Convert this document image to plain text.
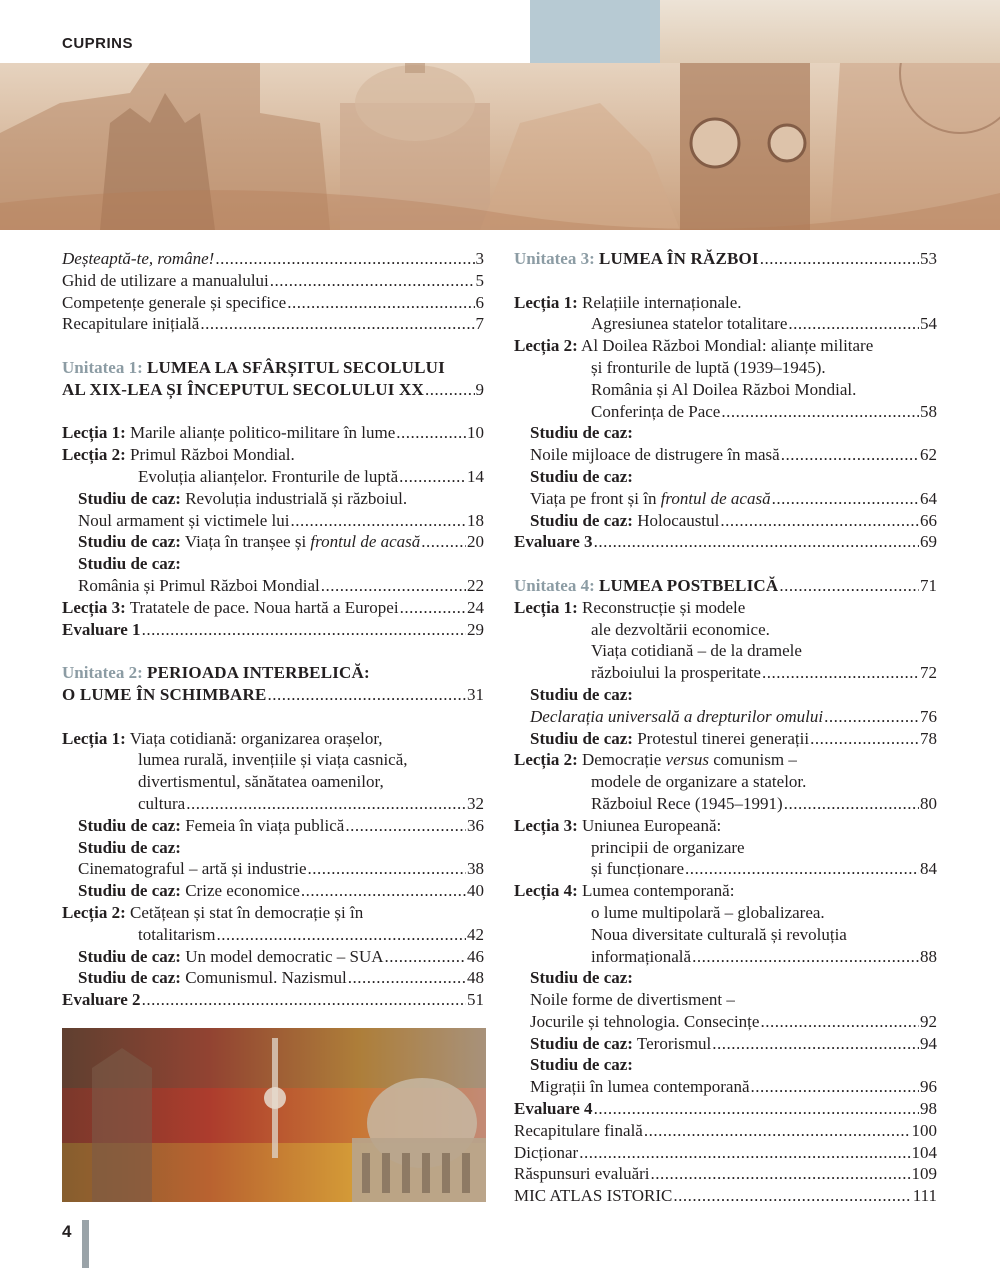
CUPRINS
Deșteaptă-te, române! .....	3
Ghid de utilizare a manualului .....	5
Competențe generale și specifice .....	6
Recapitulare inițială .....	7
Unitatea 1: LUMEA LA SFÂRȘITUL SECOLULUI
AL XIX-LEA ȘI ÎNCEPUTUL SECOLULUI XX .....	9
Lecția 1: Marile alianțe politico-militare în lume .....	10
Lecția 2: Primul Război Mondial.
Evoluția alianțelor. Fronturile de luptă .....	14
Studiu de caz: Revoluția industrială și războiul.
Noul armament și victimele lui .....	18
Studiu de caz: Viața în tranșee și frontul de acasă .....	20
Studiu de caz:
România și Primul Război Mondial .....	22
Lecția 3: Tratatele de pace. Noua hartă a Europei .....	24
Evaluare 1 .....	29
Unitatea 2: PERIOADA INTERBELICĂ:
O LUME ÎN SCHIMBARE .....	31
Lecția 1: Viața cotidiană: organizarea orașelor,
lumea rurală, invențiile și viața casnică,
divertismentul, sănătatea oamenilor,
cultura .....	32
Studiu de caz: Femeia în viața publică .....	36
Studiu de caz:
Cinematograful – artă și industrie .....	38
Studiu de caz: Crize economice .....	40
Lecția 2: Cetățean și stat în democrație și în
totalitarism .....	42
Studiu de caz: Un model democratic – SUA .....	46
Studiu de caz: Comunismul. Nazismul .....	48
Evaluare 2 .....	51
Unitatea 3: LUMEA ÎN RĂZBOI .....	53
Lecția 1: Relațiile internaționale.
Agresiunea statelor totalitare .....	54
Lecția 2: Al Doilea Război Mondial: alianțe militare
și fronturile de luptă (1939–1945).
România și Al Doilea Război Mondial.
Conferința de Pace .....	58
Studiu de caz:
Noile mijloace de distrugere în masă .....	62
Studiu de caz:
Viața pe front și în frontul de acasă .....	64
Studiu de caz: Holocaustul .....	66
Evaluare 3 .....	69
Unitatea 4: LUMEA POSTBELICĂ .....	71
Lecția 1: Reconstrucție și modele
ale dezvoltării economice.
Viața cotidiană – de la dramele
războiului la prosperitate .....	72
Studiu de caz:
Declarația universală a drepturilor omului .....	76
Studiu de caz: Protestul tinerei generații .....	78
Lecția 2: Democrație versus comunism –
modele de organizare a statelor.
Războiul Rece (1945–1991) .....	80
Lecția 3: Uniunea Europeană:
principii de organizare
și funcționare .....	84
Lecția 4: Lumea contemporană:
o lume multipolară – globalizarea.
Noua diversitate culturală și revoluția
informațională .....	88
Studiu de caz:
Noile forme de divertisment –
Jocurile și tehnologia. Consecințe .....	92
Studiu de caz: Terorismul .....	94
Studiu de caz:
Migrații în lumea contemporană .....	96
Evaluare 4 .....	98
Recapitulare finală .....	100
Dicționar .....	104
Răspunsuri evaluări .....	109
MIC ATLAS ISTORIC .....	111
4
